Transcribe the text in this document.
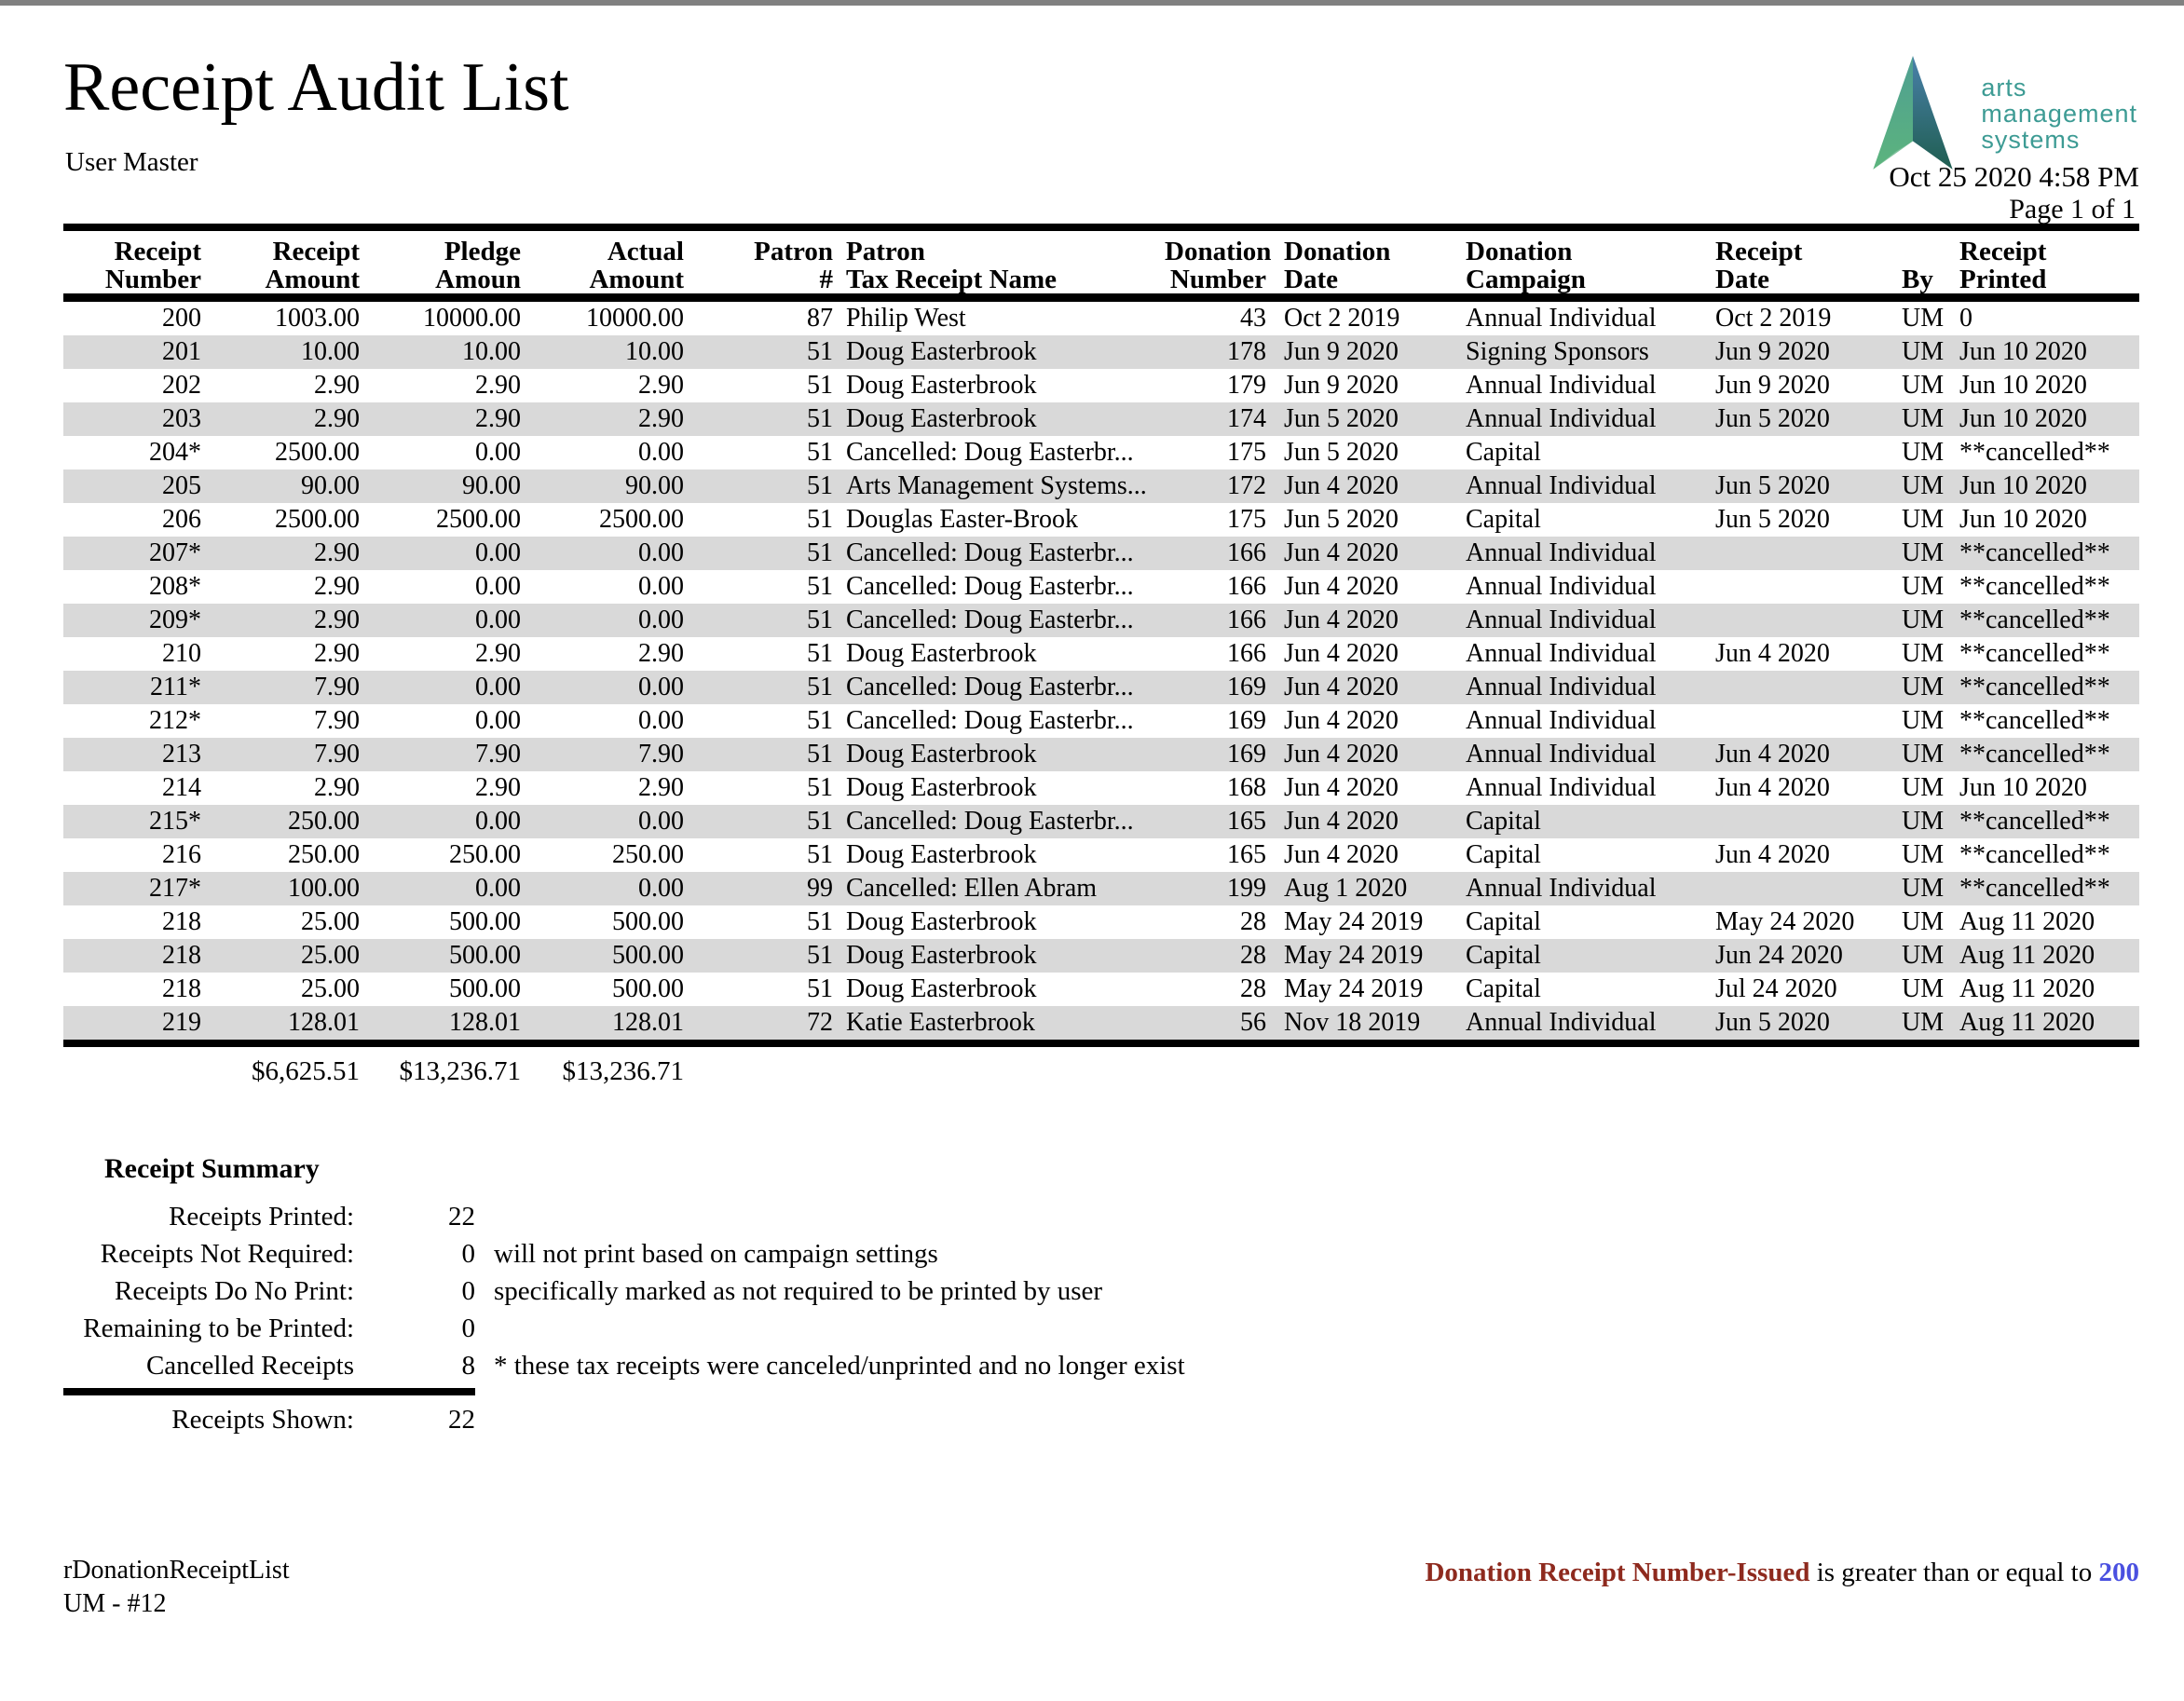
Receipt Audit List
User Master
arts
management
systems
Oct 25 2020 4:58 PM
Page 1 of 1
Receipt	Receipt	Pledge	Actual	Patron	Patron	Donation	Donation	Donation	Receipt		Receipt
Number	Amount	Amoun	Amount	#	Tax Receipt Name	Number	Date	Campaign	Date	By	Printed
200	1003.00	10000.00	10000.00	87	Philip West	43	Oct 2 2019	Annual Individual	Oct 2 2019	UM	0
201	10.00	10.00	10.00	51	Doug Easterbrook	178	Jun 9 2020	Signing Sponsors	Jun 9 2020	UM	Jun 10 2020
202	2.90	2.90	2.90	51	Doug Easterbrook	179	Jun 9 2020	Annual Individual	Jun 9 2020	UM	Jun 10 2020
203	2.90	2.90	2.90	51	Doug Easterbrook	174	Jun 5 2020	Annual Individual	Jun 5 2020	UM	Jun 10 2020
204*	2500.00	0.00	0.00	51	Cancelled: Doug Easterbr...	175	Jun 5 2020	Capital		UM	**cancelled**
205	90.00	90.00	90.00	51	Arts Management Systems...	172	Jun 4 2020	Annual Individual	Jun 5 2020	UM	Jun 10 2020
206	2500.00	2500.00	2500.00	51	Douglas Easter-Brook	175	Jun 5 2020	Capital	Jun 5 2020	UM	Jun 10 2020
207*	2.90	0.00	0.00	51	Cancelled: Doug Easterbr...	166	Jun 4 2020	Annual Individual		UM	**cancelled**
208*	2.90	0.00	0.00	51	Cancelled: Doug Easterbr...	166	Jun 4 2020	Annual Individual		UM	**cancelled**
209*	2.90	0.00	0.00	51	Cancelled: Doug Easterbr...	166	Jun 4 2020	Annual Individual		UM	**cancelled**
210	2.90	2.90	2.90	51	Doug Easterbrook	166	Jun 4 2020	Annual Individual	Jun 4 2020	UM	**cancelled**
211*	7.90	0.00	0.00	51	Cancelled: Doug Easterbr...	169	Jun 4 2020	Annual Individual		UM	**cancelled**
212*	7.90	0.00	0.00	51	Cancelled: Doug Easterbr...	169	Jun 4 2020	Annual Individual		UM	**cancelled**
213	7.90	7.90	7.90	51	Doug Easterbrook	169	Jun 4 2020	Annual Individual	Jun 4 2020	UM	**cancelled**
214	2.90	2.90	2.90	51	Doug Easterbrook	168	Jun 4 2020	Annual Individual	Jun 4 2020	UM	Jun 10 2020
215*	250.00	0.00	0.00	51	Cancelled: Doug Easterbr...	165	Jun 4 2020	Capital		UM	**cancelled**
216	250.00	250.00	250.00	51	Doug Easterbrook	165	Jun 4 2020	Capital	Jun 4 2020	UM	**cancelled**
217*	100.00	0.00	0.00	99	Cancelled: Ellen Abram	199	Aug 1 2020	Annual Individual		UM	**cancelled**
218	25.00	500.00	500.00	51	Doug Easterbrook	28	May 24 2019	Capital	May 24 2020	UM	Aug 11 2020
218	25.00	500.00	500.00	51	Doug Easterbrook	28	May 24 2019	Capital	Jun 24 2020	UM	Aug 11 2020
218	25.00	500.00	500.00	51	Doug Easterbrook	28	May 24 2019	Capital	Jul 24 2020	UM	Aug 11 2020
219	128.01	128.01	128.01	72	Katie Easterbrook	56	Nov 18 2019	Annual Individual	Jun 5 2020	UM	Aug 11 2020
	$6,625.51	$13,236.71	$13,236.71								
Receipt Summary
Receipts Printed:	22
Receipts Not Required:	0 will not print based on campaign settings
Receipts Do No Print:	0 specifically marked as not required to be printed by user
Remaining to be Printed:	0
Cancelled Receipts	8 * these tax receipts were canceled/unprinted and no longer exist
Receipts Shown:	22
rDonationReceiptList
UM - #12
Donation Receipt Number-Issued is greater than or equal to 200
